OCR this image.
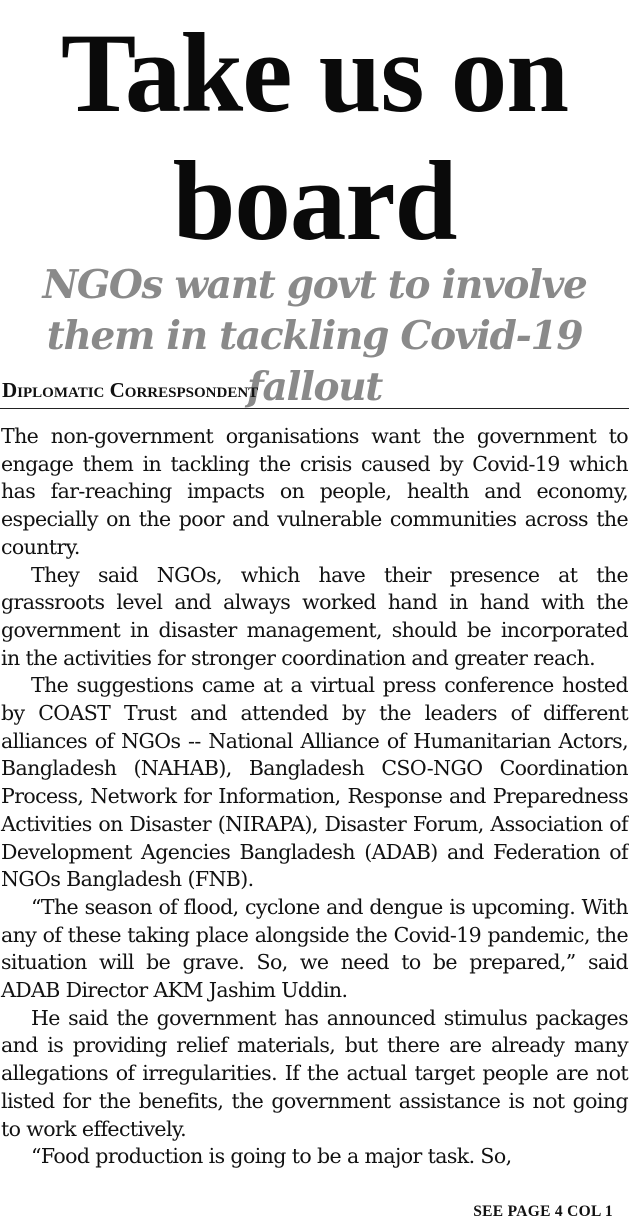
Take us on board
NGOs want govt to involve them in tackling Covid-19 fallout
Diplomatic Correspsondent

The non-government organisations want the government to engage them in tackling the crisis caused by Covid-19 which has far-reaching impacts on people, health and economy, especially on the poor and vulnerable communities across the country.

They said NGOs, which have their presence at the grassroots level and always worked hand in hand with the government in disaster management, should be incorporated in the activities for stronger coordination and greater reach.

The suggestions came at a virtual press conference hosted by COAST Trust and attended by the leaders of different alliances of NGOs -- National Alliance of Humanitarian Actors, Bangladesh (NAHAB), Bangladesh CSO-NGO Coordination Process, Network for Information, Response and Preparedness Activities on Disaster (NIRAPA), Disaster Forum, Association of Development Agencies Bangladesh (ADAB) and Federation of NGOs Bangladesh (FNB).

“The season of flood, cyclone and dengue is upcoming. With any of these taking place alongside the Covid-19 pandemic, the situation will be grave. So, we need to be prepared,” said ADAB Director AKM Jashim Uddin.

He said the government has announced stimulus packages and is providing relief materials, but there are already many allegations of irregularities. If the actual target people are not listed for the benefits, the government assistance is not going to work effectively.

“Food production is going to be a major task. So,

SEE PAGE 4 COL 1
